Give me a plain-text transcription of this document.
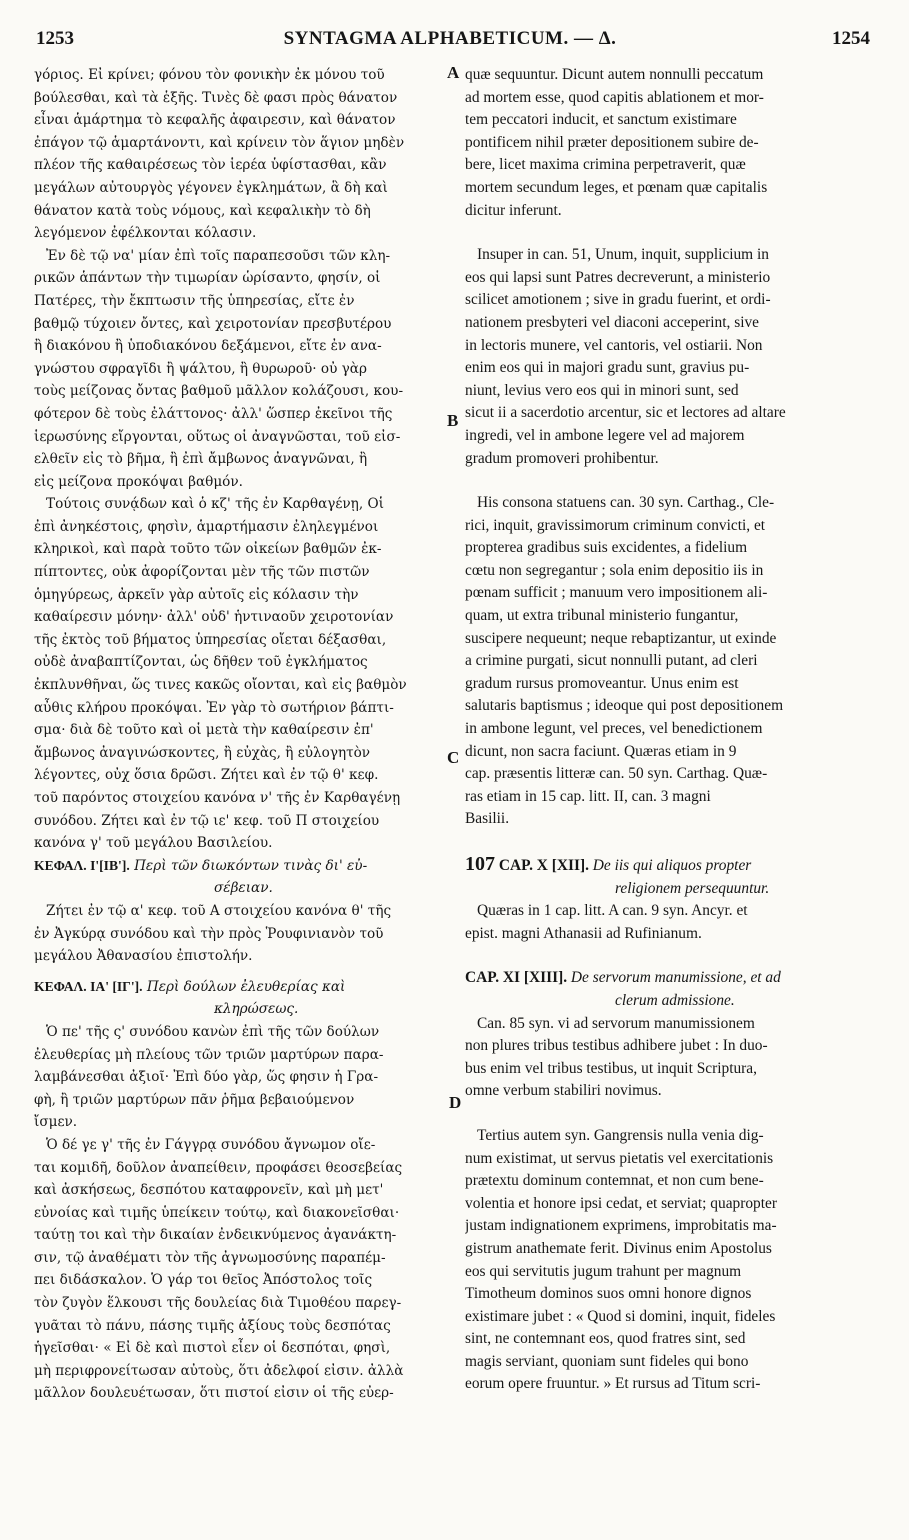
1253	SYNTAGMA ALPHABETICUM. — Δ.	1254
A
B
C
D
γόριος. Εἰ κρίνει; φόνου τὸν φονικὴν ἐκ μόνου τοῦ
βούλεσθαι, καὶ τὰ ἑξῆς. Τινὲς δὲ φασι πρὸς θάνατον
εἶναι ἁμάρτημα τὸ κεφαλῆς ἀφαιρεσιν, καὶ θάνατον
ἐπάγον τῷ ἁμαρτάνοντι, καὶ κρίνειν τὸν ἅγιον μηδὲν
πλέον τῆς καθαιρέσεως τὸν ἱερέα ὑφίστασθαι, κἂν
μεγάλων αὐτουργὸς γέγονεν ἐγκλημάτων, ἃ δὴ καὶ
θάνατον κατὰ τοὺς νόμους, καὶ κεφαλικὴν τὸ δὴ
λεγόμενον ἐφέλκονται κόλασιν.
Ἐν δὲ τῷ να' μίαν ἐπὶ τοῖς παραπεσοῦσι τῶν κλη-
ρικῶν ἁπάντων τὴν τιμωρίαν ὡρίσαντο, φησίν, οἱ
Πατέρες, τὴν ἔκπτωσιν τῆς ὑπηρεσίας, εἴτε ἐν
βαθμῷ τύχοιεν ὄντες, καὶ χειροτονίαν πρεσβυτέρου
ἢ διακόνου ἢ ὑποδιακόνου δεξάμενοι, εἴτε ἐν ανα-
γνώστου σφραγῖδι ἢ ψάλτου, ἢ θυρωροῦ· οὐ γὰρ
τοὺς μείζονας ὄντας βαθμοῦ μᾶλλον κολάζουσι, κου-
φότερον δὲ τοὺς ἐλάττονος· ἀλλ' ὥσπερ ἐκεῖνοι τῆς
ἱερωσύνης εἴργονται, οὕτως οἱ ἀναγνῶσται, τοῦ εἰσ-
ελθεῖν εἰς τὸ βῆμα, ἢ ἐπὶ ἄμβωνος ἀναγνῶναι, ἢ
εἰς μείζονα προκόψαι βαθμόν.
Τούτοις συνᾴδων καὶ ὁ κζ' τῆς ἐν Καρθαγένῃ, Οἱ
ἐπὶ ἀνηκέστοις, φησὶν, ἁμαρτήμασιν ἐληλεγμένοι
κληρικοὶ, καὶ παρὰ τοῦτο τῶν οἰκείων βαθμῶν ἐκ-
πίπτοντες, οὐκ ἀφορίζονται μὲν τῆς τῶν πιστῶν
ὁμηγύρεως, ἀρκεῖν γὰρ αὐτοῖς εἰς κόλασιν τὴν
καθαίρεσιν μόνην· ἀλλ' οὐδ' ἡντιναοῦν χειροτονίαν
τῆς ἐκτὸς τοῦ βήματος ὑπηρεσίας οἴεται δέξασθαι,
οὐδὲ ἀναβαπτίζονται, ὡς δῆθεν τοῦ ἐγκλήματος
ἐκπλυνθῆναι, ὥς τινες κακῶς οἴονται, καὶ εἰς βαθμὸν
αὖθις κλήρου προκόψαι. Ἐν γὰρ τὸ σωτήριον βάπτι-
σμα· διὰ δὲ τοῦτο καὶ οἱ μετὰ τὴν καθαίρεσιν ἐπ'
ἄμβωνος ἀναγινώσκοντες, ἢ εὐχὰς, ἢ εὐλογητὸν
λέγοντες, οὐχ ὅσια δρῶσι. Ζήτει καὶ ἐν τῷ θ' κεφ.
τοῦ παρόντος στοιχείου κανόνα ν' τῆς ἐν Καρθαγένῃ
συνόδου. Ζήτει καὶ ἐν τῷ ιε' κεφ. τοῦ Π στοιχείου
κανόνα γ' τοῦ μεγάλου Βασιλείου.
ΚΕΦΑΛ. Ι'[ΙΒ']. Περὶ τῶν διωκόντων τινὰς δι' εὐ-
σέβειαν.
Ζήτει ἐν τῷ α' κεφ. τοῦ Α στοιχείου κανόνα θ' τῆς
ἐν Ἀγκύρᾳ συνόδου καὶ τὴν πρὸς Ῥουφινιανὸν τοῦ
μεγάλου Ἀθανασίου ἐπιστολήν.
ΚΕΦΑΛ. ΙΑ' [ΙΓ']. Περὶ δούλων ἐλευθερίας καὶ
κληρώσεως.
Ὁ πε' τῆς ς' συνόδου κανὼν ἐπὶ τῆς τῶν δούλων
ἐλευθερίας μὴ πλείους τῶν τριῶν μαρτύρων παρα-
λαμβάνεσθαι ἀξιοῖ· Ἐπὶ δύο γὰρ, ὥς φησιν ἡ Γρα-
φὴ, ἢ τριῶν μαρτύρων πᾶν ῥῆμα βεβαιούμενον
ἴσμεν.
Ὁ δέ γε γ' τῆς ἐν Γάγγρᾳ συνόδου ἄγνωμον οἴε-
ται κομιδῆ, δοῦλον ἀναπείθειν, προφάσει θεοσεβείας
καὶ ἀσκήσεως, δεσπότου καταφρονεῖν, καὶ μὴ μετ'
εὐνοίας καὶ τιμῆς ὑπείκειν τούτῳ, καὶ διακονεῖσθαι·
ταύτῃ τοι καὶ τὴν δικαίαν ἐνδεικνύμενος ἀγανάκτη-
σιν, τῷ ἀναθέματι τὸν τῆς ἀγνωμοσύνης παραπέμ-
πει διδάσκαλον. Ὁ γάρ τοι θεῖος Ἀπόστολος τοῖς
τὸν ζυγὸν ἕλκουσι τῆς δουλείας διὰ Τιμοθέου παρεγ-
γυᾶται τὸ πάνυ, πάσης τιμῆς ἀξίους τοὺς δεσπότας
ἡγεῖσθαι· « Εἰ δὲ καὶ πιστοὶ εἶεν οἱ δεσπόται, φησὶ,
μὴ περιφρονείτωσαν αὐτοὺς, ὅτι ἀδελφοί εἰσιν. ἀλλὰ
μᾶλλον δουλευέτωσαν, ὅτι πιστοί εἰσιν οἱ τῆς εὐερ-
quæ sequuntur. Dicunt autem nonnulli peccatum
ad mortem esse, quod capitis ablationem et mor-
tem peccatori inducit, et sanctum existimare
pontificem nihil præter depositionem subire de-
bere, licet maxima crimina perpetraverit, quæ
mortem secundum leges, et pœnam quæ capitalis
dicitur inferunt.
Insuper in can. 51, Unum, inquit, supplicium in
eos qui lapsi sunt Patres decreverunt, a ministerio
scilicet amotionem ; sive in gradu fuerint, et ordi-
nationem presbyteri vel diaconi acceperint, sive
in lectoris munere, vel cantoris, vel ostiarii. Non
enim eos qui in majori gradu sunt, gravius pu-
niunt, levius vero eos qui in minori sunt, sed
sicut ii a sacerdotio arcentur, sic et lectores ad altare
ingredi, vel in ambone legere vel ad majorem
gradum promoveri prohibentur.
His consona statuens can. 30 syn. Carthag., Cle-
rici, inquit, gravissimorum criminum convicti, et
propterea gradibus suis excidentes, a fidelium
cœtu non segregantur ; sola enim depositio iis in
pœnam sufficit ; manuum vero impositionem ali-
quam, ut extra tribunal ministerio fungantur,
suscipere nequeunt; neque rebaptizantur, ut exinde
a crimine purgati, sicut nonnulli putant, ad cleri
gradum rursus promoveantur. Unus enim est
salutaris baptismus ; ideoque qui post depositionem
in ambone legunt, vel preces, vel benedictionem
dicunt, non sacra faciunt. Quæras etiam in 9
cap. præsentis litteræ can. 50 syn. Carthag. Quæ-
ras etiam in 15 cap. litt. II, can. 3 magni
Basilii.
107 CAP. X [XII]. De iis qui aliquos propter
religionem persequuntur.
Quæras in 1 cap. litt. A can. 9 syn. Ancyr. et
epist. magni Athanasii ad Rufinianum.
CAP. XI [XIII]. De servorum manumissione, et ad
clerum admissione.
Can. 85 syn. vi ad servorum manumissionem
non plures tribus testibus adhibere jubet : In duo-
bus enim vel tribus testibus, ut inquit Scriptura,
omne verbum stabiliri novimus.
Tertius autem syn. Gangrensis nulla venia dig-
num existimat, ut servus pietatis vel exercitationis
prætextu dominum contemnat, et non cum bene-
volentia et honore ipsi cedat, et serviat; quapropter
justam indignationem exprimens, improbitatis ma-
gistrum anathemate ferit. Divinus enim Apostolus
eos qui servitutis jugum trahunt per magnum
Timotheum dominos suos omni honore dignos
existimare jubet : « Quod si domini, inquit, fideles
sint, ne contemnant eos, quod fratres sint, sed
magis serviant, quoniam sunt fideles qui bono
eorum opere fruuntur. » Et rursus ad Titum scri-
